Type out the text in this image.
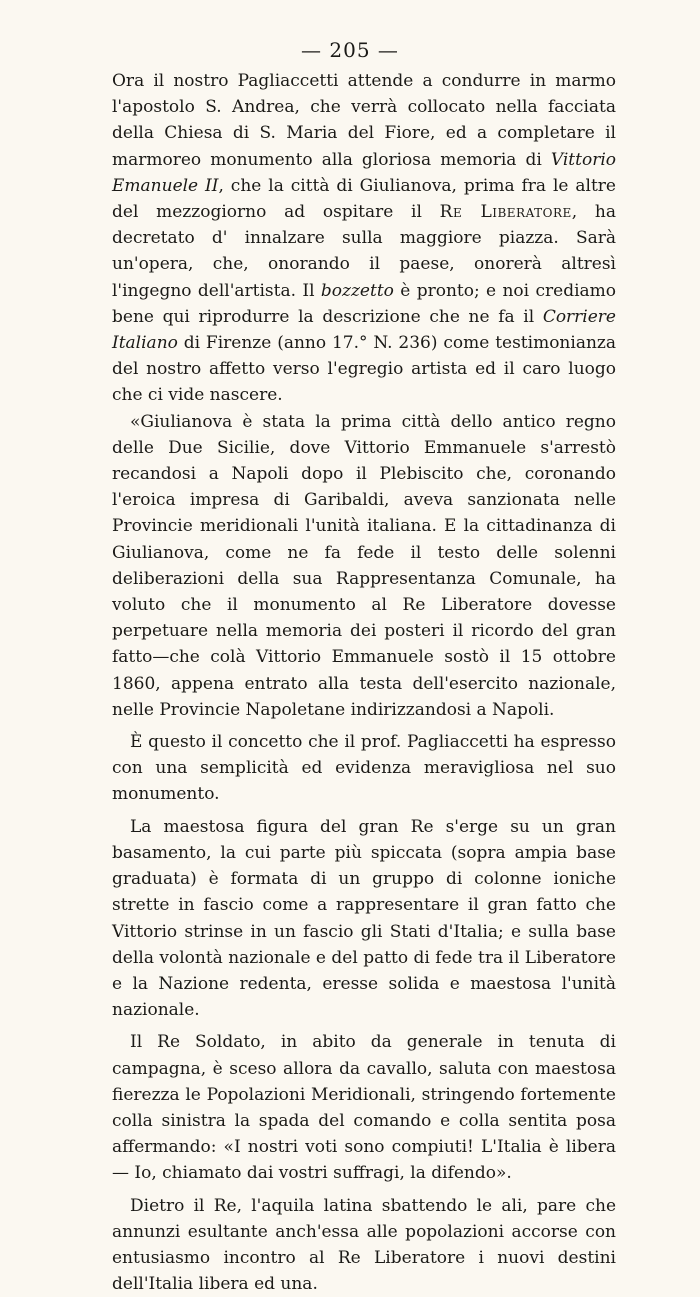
— 205 —

Ora il nostro Pagliaccetti attende a condurre in marmo l'apostolo S. Andrea, che verrà collocato nella facciata della Chiesa di S. Maria del Fiore, ed a completare il marmoreo monumento alla gloriosa memoria di Vittorio Emanuele II, che la città di Giulianova, prima fra le altre del mezzogiorno ad ospitare il Re Liberatore, ha decretato d' innalzare sulla maggiore piazza. Sarà un'opera, che, onorando il paese, onorerà altresì l'ingegno dell'artista. Il bozzetto è pronto; e noi crediamo bene qui riprodurre la descrizione che ne fa il Corriere Italiano di Firenze (anno 17.° N. 236) come testimonianza del nostro affetto verso l'egregio artista ed il caro luogo che ci vide nascere.

«Giulianova è stata la prima città dello antico regno delle Due Sicilie, dove Vittorio Emmanuele s'arrestò recandosi a Napoli dopo il Plebiscito che, coronando l'eroica impresa di Garibaldi, aveva sanzionata nelle Provincie meridionali l'unità italiana. E la cittadinanza di Giulianova, come ne fa fede il testo delle solenni deliberazioni della sua Rappresentanza Comunale, ha voluto che il monumento al Re Liberatore dovesse perpetuare nella memoria dei posteri il ricordo del gran fatto—che colà Vittorio Emmanuele sostò il 15 ottobre 1860, appena entrato alla testa dell'esercito nazionale, nelle Provincie Napoletane indirizzandosi a Napoli.

È questo il concetto che il prof. Pagliaccetti ha espresso con una semplicità ed evidenza meravigliosa nel suo monumento.

La maestosa figura del gran Re s'erge su un gran basamento, la cui parte più spiccata (sopra ampia base graduata) è formata di un gruppo di colonne ioniche strette in fascio come a rappresentare il gran fatto che Vittorio strinse in un fascio gli Stati d'Italia; e sulla base della volontà nazionale e del patto di fede tra il Liberatore e la Nazione redenta, eresse solida e maestosa l'unità nazionale.

Il Re Soldato, in abito da generale in tenuta di campagna, è sceso allora da cavallo, saluta con maestosa fierezza le Popolazioni Meridionali, stringendo fortemente colla sinistra la spada del comando e colla sentita posa affermando: «I nostri voti sono compiuti! L'Italia è libera — Io, chiamato dai vostri suffragi, la difendo».

Dietro il Re, l'aquila latina sbattendo le ali, pare che annunzi esultante anch'essa alle popolazioni accorse con entusiasmo incontro al Re Liberatore i nuovi destini dell'Italia libera ed una.
